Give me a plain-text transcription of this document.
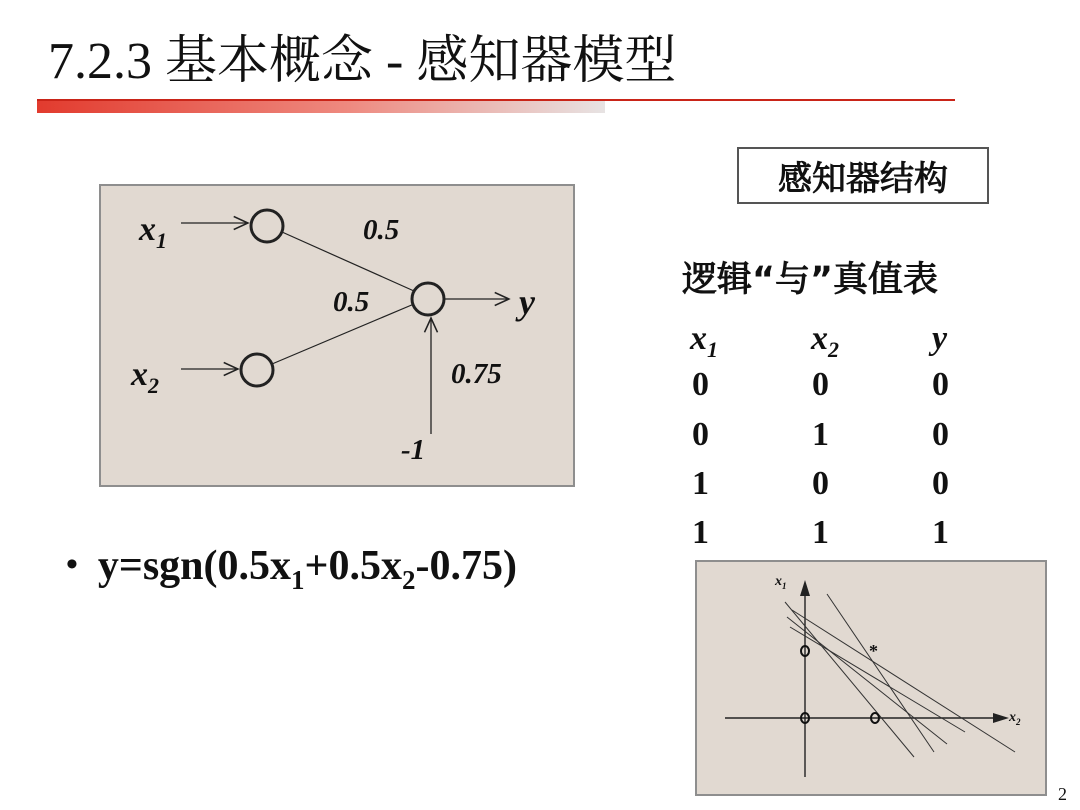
7.2.3 基本概念 - 感知器模型
$x_1$
$x_2$
0.5
0.5
0.75
-1
y
感知器结构
逻辑“与”真值表
$x_1$	$x_2$	y
0	0	0
0	1	0
1	0	0
1	1	1
• $y=sgn(0.5x_1+0.5x_2-0.75)$
*
$x_1$
$x_2$
2
